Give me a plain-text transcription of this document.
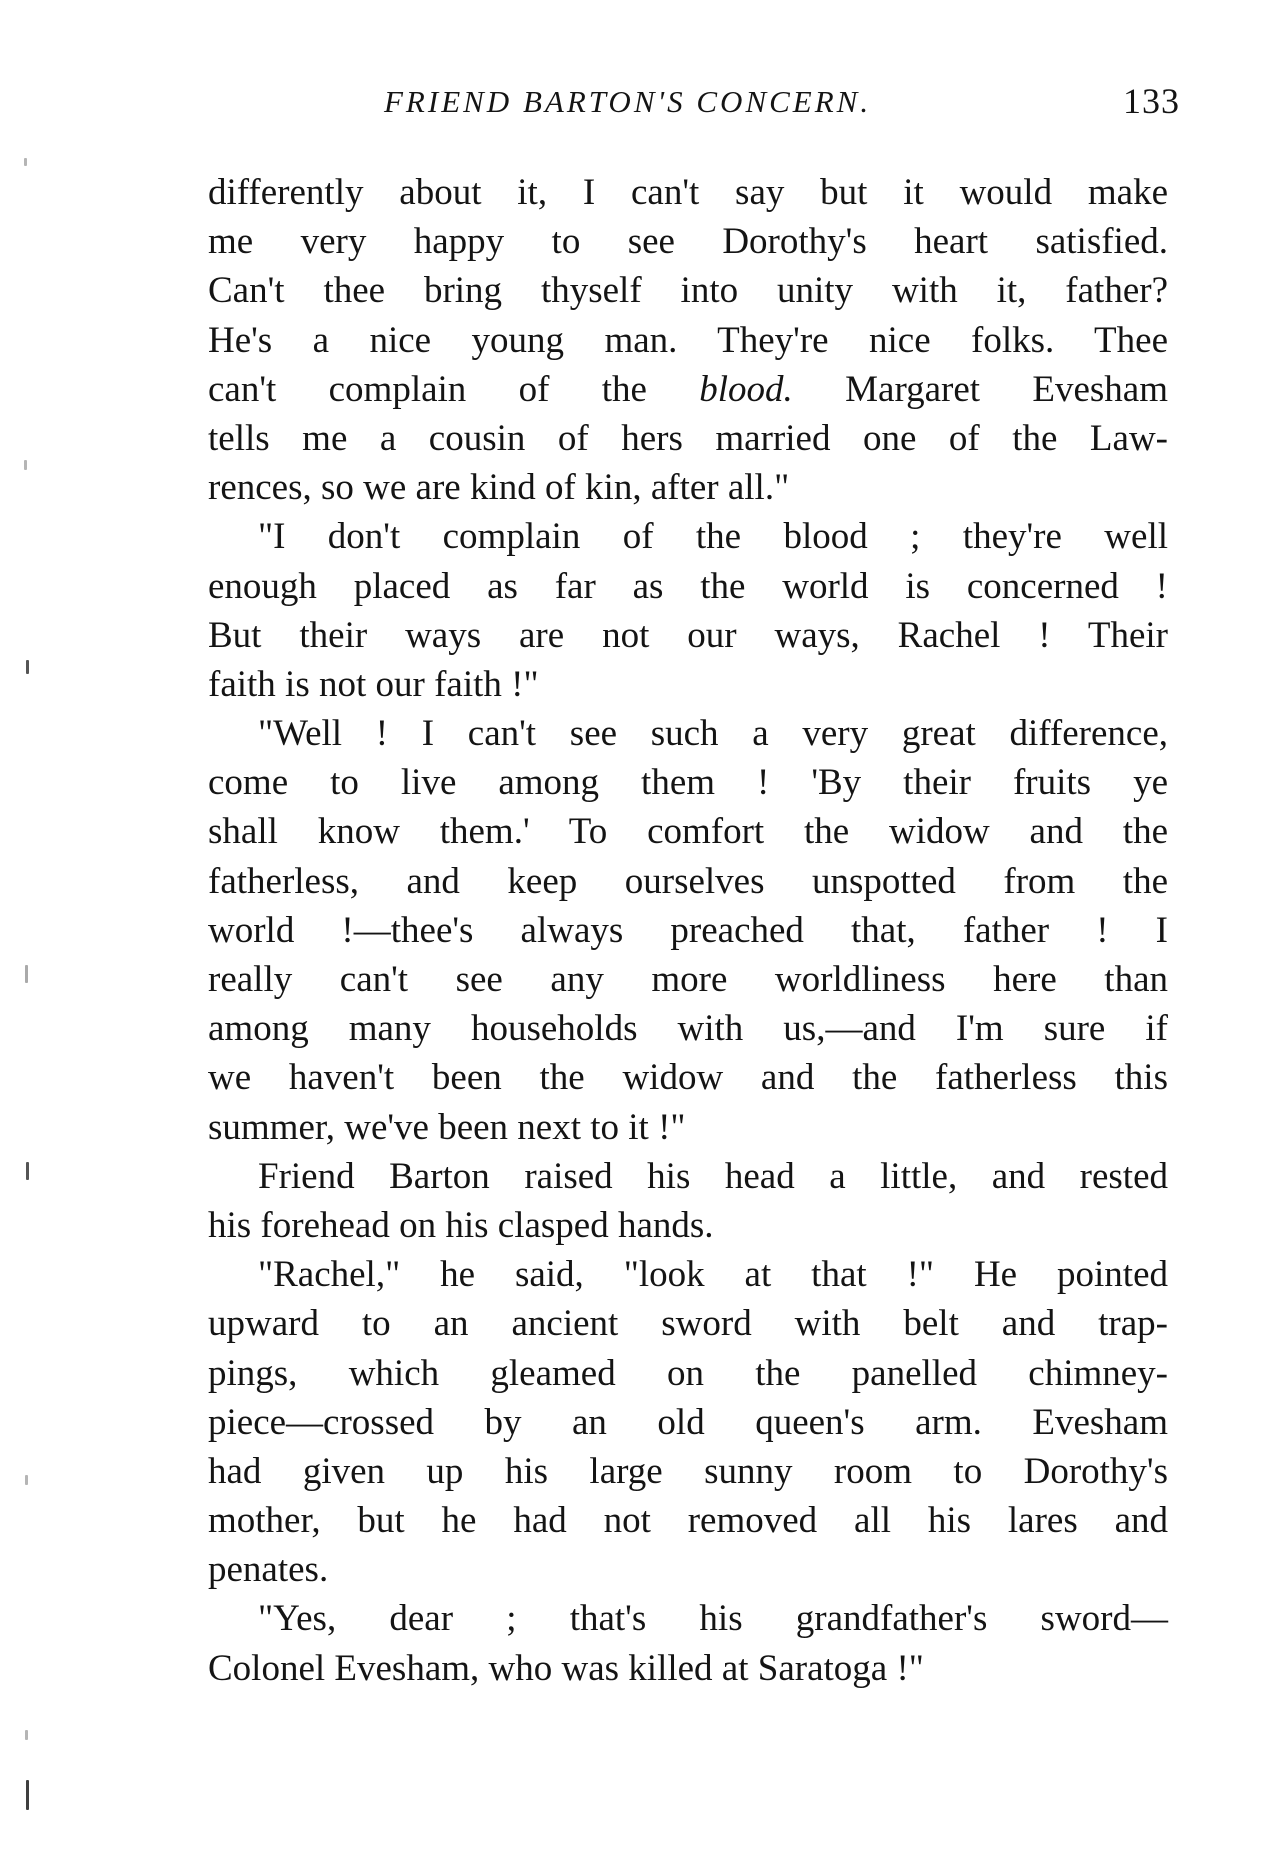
FRIEND BARTON'S CONCERN.	133
differently about it, I can't say but it would make
me very happy to see Dorothy's heart satisfied.
Can't thee bring thyself into unity with it, father?
He's a nice young man. They're nice folks. Thee
can't complain of the blood. Margaret Evesham
tells me a cousin of hers married one of the Law-
rences, so we are kind of kin, after all."
"I don't complain of the blood ; they're well
enough placed as far as the world is concerned !
But their ways are not our ways, Rachel ! Their
faith is not our faith !"
"Well ! I can't see such a very great difference,
come to live among them ! 'By their fruits ye
shall know them.' To comfort the widow and the
fatherless, and keep ourselves unspotted from the
world !—thee's always preached that, father ! I
really can't see any more worldliness here than
among many households with us,—and I'm sure if
we haven't been the widow and the fatherless this
summer, we've been next to it !"
Friend Barton raised his head a little, and rested
his forehead on his clasped hands.
"Rachel," he said, "look at that !" He pointed
upward to an ancient sword with belt and trap-
pings, which gleamed on the panelled chimney-
piece—crossed by an old queen's arm. Evesham
had given up his large sunny room to Dorothy's
mother, but he had not removed all his lares and
penates.
"Yes, dear ; that's his grandfather's sword—
Colonel Evesham, who was killed at Saratoga !"
